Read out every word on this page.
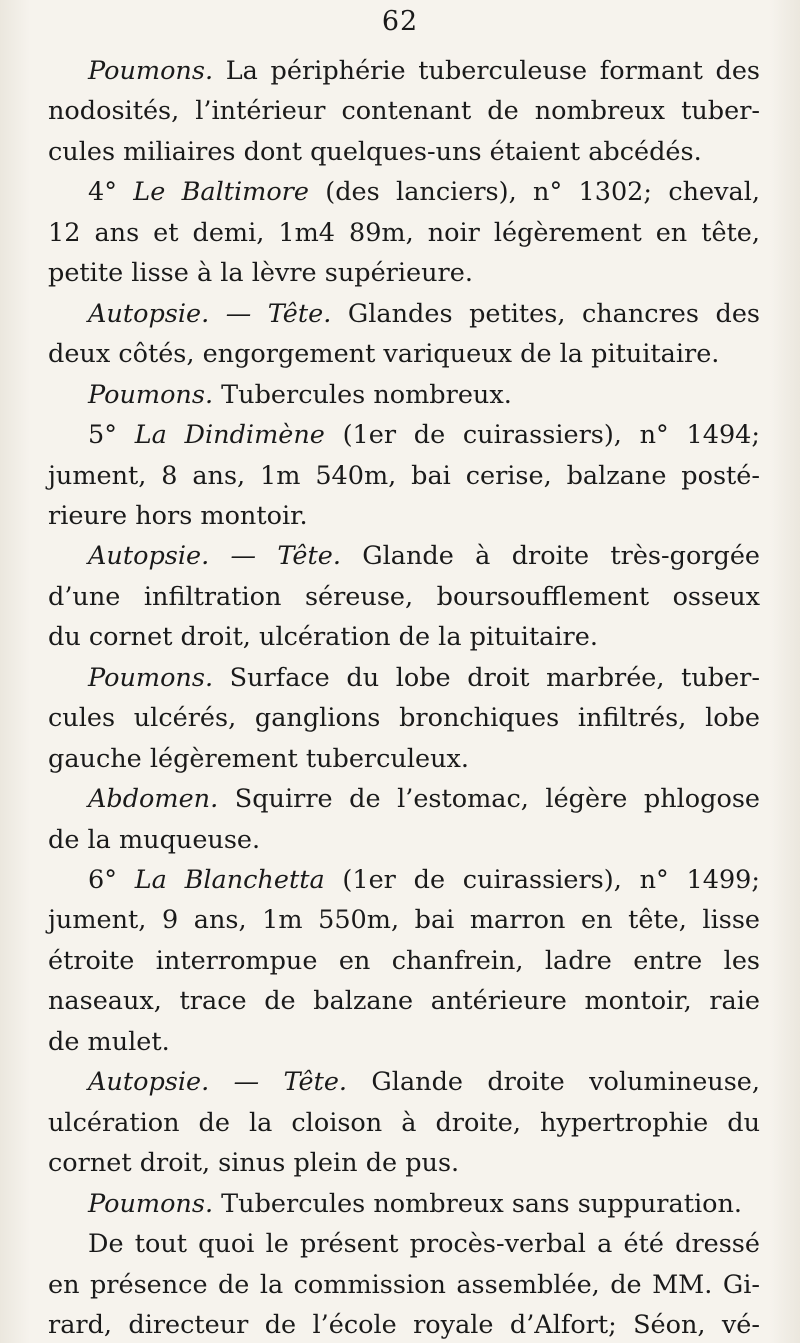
62
Poumons. La périphérie tuberculeuse formant des
nodosités, l’intérieur contenant de nombreux tuber-
cules miliaires dont quelques-uns étaient abcédés.
4° Le Baltimore (des lanciers), n° 1302; cheval,
12 ans et demi, 1m4 89m, noir légèrement en tête,
petite lisse à la lèvre supérieure.
Autopsie. — Tête. Glandes petites, chancres des
deux côtés, engorgement variqueux de la pituitaire.
Poumons. Tubercules nombreux.
5° La Dindimène (1er de cuirassiers), n° 1494;
jument, 8 ans, 1m 540m, bai cerise, balzane posté-
rieure hors montoir.
Autopsie. — Tête. Glande à droite très-gorgée
d’une infiltration séreuse, boursoufflement osseux
du cornet droit, ulcération de la pituitaire.
Poumons. Surface du lobe droit marbrée, tuber-
cules ulcérés, ganglions bronchiques infiltrés, lobe
gauche légèrement tuberculeux.
Abdomen. Squirre de l’estomac, légère phlogose
de la muqueuse.
6° La Blanchetta (1er de cuirassiers), n° 1499;
jument, 9 ans, 1m 550m, bai marron en tête, lisse
étroite interrompue en chanfrein, ladre entre les
naseaux, trace de balzane antérieure montoir, raie
de mulet.
Autopsie. — Tête. Glande droite volumineuse,
ulcération de la cloison à droite, hypertrophie du
cornet droit, sinus plein de pus.
Poumons. Tubercules nombreux sans suppuration.
De tout quoi le présent procès-verbal a été dressé
en présence de la commission assemblée, de MM. Gi-
rard, directeur de l’école royale d’Alfort; Séon, vé-
